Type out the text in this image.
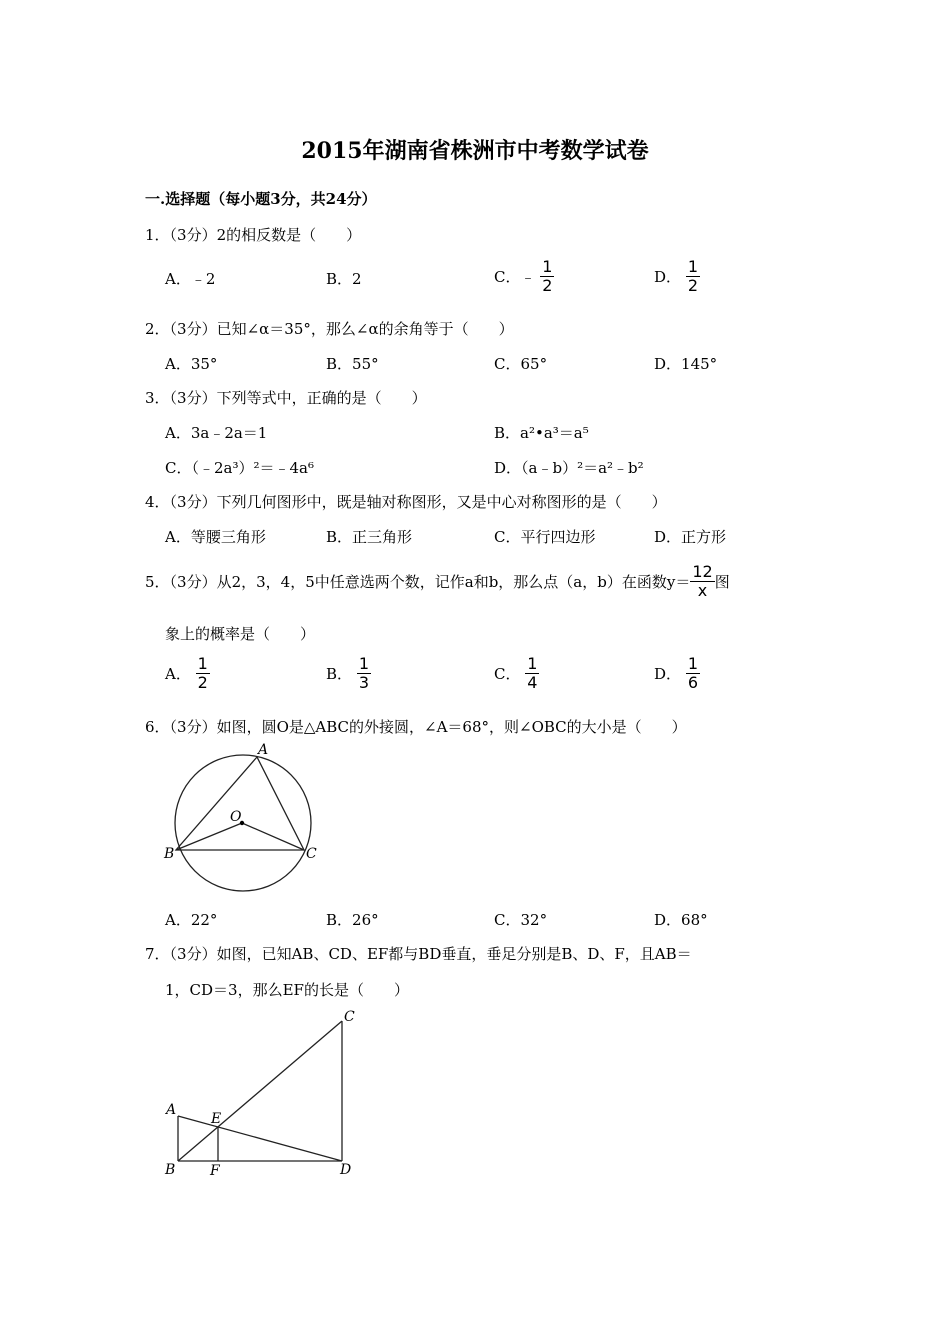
2015年湖南省株洲市中考数学试卷
一.选择题（每小题3分，共24分）
1．（3分）2的相反数是（　　）
A．﹣2	B．2	C．﹣ $\frac{1}{2}$	D． $\frac{1}{2}$
2．（3分）已知∠α＝35°，那么∠α的余角等于（　　）
A．35°	B．55°	C．65°	D．145°
3．（3分）下列等式中，正确的是（　　）
A．3a﹣2a＝1	B．a²•a³＝a⁵
C．（﹣2a³）²＝﹣4a⁶	D．（a﹣b）²＝a²﹣b²
4．（3分）下列几何图形中，既是轴对称图形，又是中心对称图形的是（　　）
A．等腰三角形	B．正三角形	C．平行四边形	D．正方形
5．（3分）从2，3，4，5中任意选两个数，记作a和b，那么点（a，b）在函数$y= \frac{12}{x}$ 图
象上的概率是（　　）
A． $\frac{1}{2}$	B． $\frac{1}{3}$	C． $\frac{1}{4}$	D． $\frac{1}{6}$
6．（3分）如图，圆O是△ABC的外接圆，∠A＝68°，则∠OBC的大小是（　　）
A
O
B	C
A．22°	B．26°	C．32°	D．68°
7．（3分）如图，已知AB、CD、EF都与BD垂直，垂足分别是B、D、F，且AB＝
1，CD＝3，那么EF的长是（　　）
A
B
C
D
E
F
